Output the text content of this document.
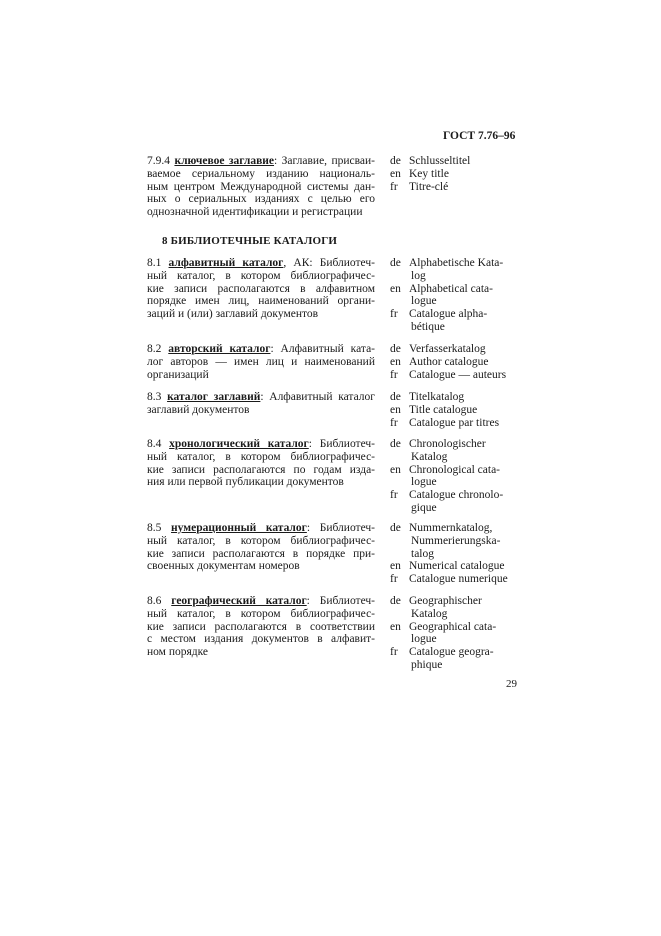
ГОСТ 7.76–96
8 БИБЛИОТЕЧНЫЕ КАТАЛОГИ
7.9.4 ключевое заглавие: Заглавие, присваи-
ваемое сериальному изданию националь-
ным центром Международной системы дан-
ных о сериальных изданиях с целью его
однозначной идентификации и регистрации
de Schlusseltitel
en Key title
fr Titre-clé
8.1 алфавитный каталог, АК: Библиотеч-
ный каталог, в котором библиографичес-
кие записи располагаются в алфавитном
порядке имен лиц, наименований органи-
заций и (или) заглавий документов
de Alphabetische Kata-
log
en Alphabetical cata-
logue
fr Catalogue alpha-
bétique
8.2 авторский каталог: Алфавитный ката-
лог авторов — имен лиц и наименований
организаций
de Verfasserkatalog
en Author catalogue
fr Catalogue — auteurs
8.3 каталог заглавий: Алфавитный каталог
заглавий документов
de Titelkatalog
en Title catalogue
fr Catalogue par titres
8.4 хронологический каталог: Библиотеч-
ный каталог, в котором библиографичес-
кие записи располагаются по годам изда-
ния или первой публикации документов
de Chronologischer
Katalog
en Chronological cata-
logue
fr Catalogue chronolo-
gique
8.5 нумерационный каталог: Библиотеч-
ный каталог, в котором библиографичес-
кие записи располагаются в порядке при-
своенных документам номеров
de Nummernkatalog,
Nummerierungska-
talog
en Numerical catalogue
fr Catalogue numerique
8.6 географический каталог: Библиотеч-
ный каталог, в котором библиографичес-
кие записи располагаются в соответствии
с местом издания документов в алфавит-
ном порядке
de Geographischer
Katalog
en Geographical cata-
logue
fr Catalogue geogra-
phique
29
